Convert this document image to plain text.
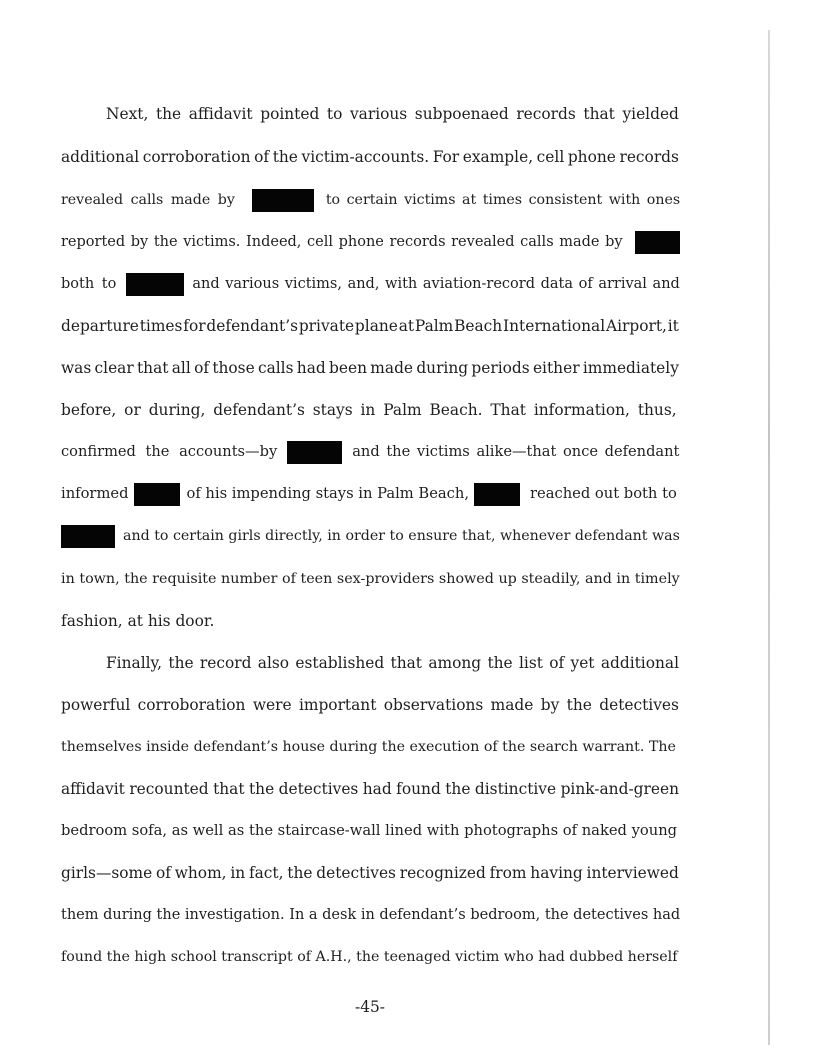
Next, the affidavit pointed to various subpoenaed records that yielded
additional corroboration of the victim-accounts. For example, cell phone records
revealed calls made by	to certain victims at times consistent with ones
reported by the victims. Indeed, cell phone records revealed calls made by
both to	and various victims, and, with aviation-record data of arrival and
departure times for defendant’s private plane at Palm Beach International Airport, it
was clear that all of those calls had been made during periods either immediately
before, or during, defendant’s stays in Palm Beach. That information, thus,
confirmed the accounts—by	and the victims alike—that once defendant
informed	of his impending stays in Palm Beach,	reached out both to
and to certain girls directly, in order to ensure that, whenever defendant was
in town, the requisite number of teen sex-providers showed up steadily, and in timely
fashion, at his door.
Finally, the record also established that among the list of yet additional
powerful corroboration were important observations made by the detectives
themselves inside defendant’s house during the execution of the search warrant. The
affidavit recounted that the detectives had found the distinctive pink-and-green
bedroom sofa, as well as the staircase-wall lined with photographs of naked young
girls—some of whom, in fact, the detectives recognized from having interviewed
them during the investigation. In a desk in defendant’s bedroom, the detectives had
found the high school transcript of A.H., the teenaged victim who had dubbed herself
-45-
